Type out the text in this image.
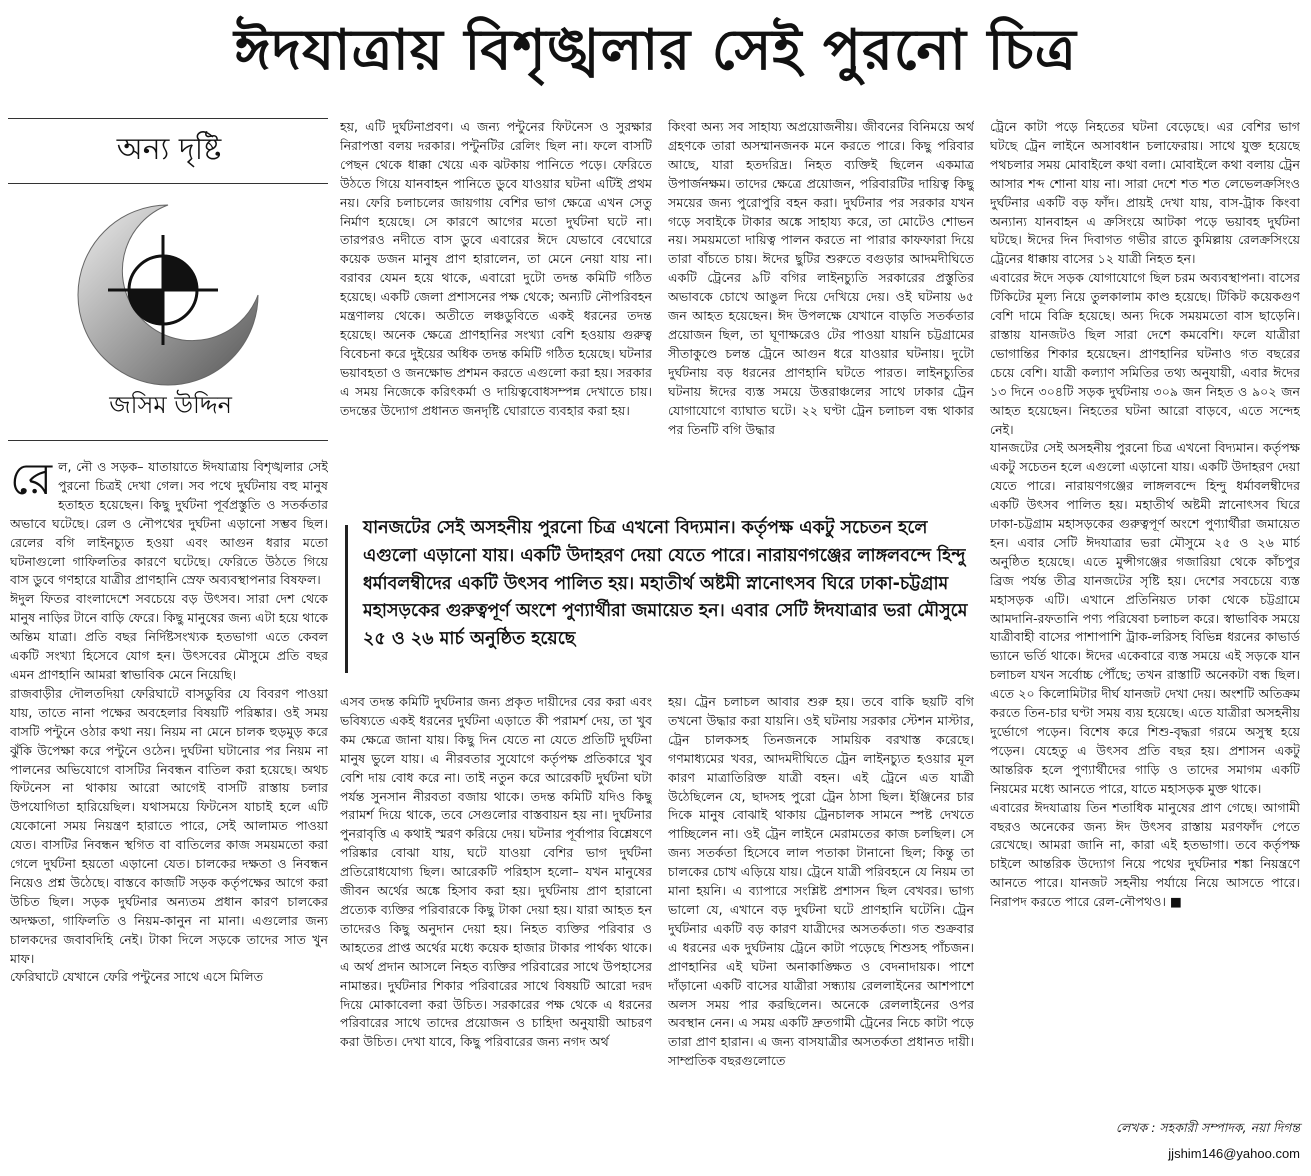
ঈদযাত্রায় বিশৃঙ্খলার সেই পুরনো চিত্র
অন্য দৃষ্টি
জসিম উদ্দিন
রে ল, নৌ ও সড়ক– যাতায়াতে ঈদযাত্রায় বিশৃঙ্খলার সেই পুরনো চিত্রই দেখা গেল। সব পথে দুর্ঘটনায় বহু মানুষ হতাহত হয়েছেন। কিছু দুর্ঘটনা পূর্বপ্রস্তুতি ও সতর্কতার অভাবে ঘটেছে। রেল ও নৌপথের দুর্ঘটনা এড়ানো সম্ভব ছিল। রেলের বগি লাইনচ্যুত হওয়া এবং আগুন ধরার মতো ঘটনাগুলো গাফিলতির কারণে ঘটেছে। ফেরিতে উঠতে গিয়ে বাস ডুবে গণহারে যাত্রীর প্রাণহানি স্রেফ অব্যবস্থাপনার বিষফল।

ঈদুল ফিতর বাংলাদেশে সবচেয়ে বড় উৎসব। সারা দেশ থেকে মানুষ নাড়ির টানে বাড়ি ফেরে। কিছু মানুষের জন্য এটা হয়ে থাকে অন্তিম যাত্রা। প্রতি বছর নির্দিষ্টসংখ্যক হতভাগা এতে কেবল একটি সংখ্যা হিসেবে যোগ হন। উৎসবের মৌসুমে প্রতি বছর এমন প্রাণহানি আমরা স্বাভাবিক মেনে নিয়েছি।

রাজবাড়ীর দৌলতদিয়া ফেরিঘাটে বাসডুবির যে বিবরণ পাওয়া যায়, তাতে নানা পক্ষের অবহেলার বিষয়টি পরিষ্কার। ওই সময় বাসটি পন্টুনে ওঠার কথা নয়। নিয়ম না মেনে চালক হুড়মুড় করে ঝুঁকি উপেক্ষা করে পন্টুনে ওঠেন। দুর্ঘটনা ঘটানোর পর নিয়ম না পালনের অভিযোগে বাসটির নিবন্ধন বাতিল করা হয়েছে। অথচ ফিটনেস না থাকায় আরো আগেই বাসটি রাস্তায় চলার উপযোগিতা হারিয়েছিল। যথাসময়ে ফিটনেস যাচাই হলে এটি যেকোনো সময় নিয়ন্ত্রণ হারাতে পারে, সেই আলামত পাওয়া যেত। বাসটির নিবন্ধন স্থগিত বা বাতিলের কাজ সময়মতো করা গেলে দুর্ঘটনা হয়তো এড়ানো যেত। চালকের দক্ষতা ও নিবন্ধন নিয়েও প্রশ্ন উঠেছে। বাস্তবে কাজটি সড়ক কর্তৃপক্ষের আগে করা উচিত ছিল। সড়ক দুর্ঘটনার অন্যতম প্রধান কারণ চালকের অদক্ষতা, গাফিলতি ও নিয়ম-কানুন না মানা। এগুলোর জন্য চালকদের জবাবদিহি নেই। টাকা দিলে সড়কে তাদের সাত খুন মাফ।

ফেরিঘাটে যেখানে ফেরি পন্টুনের সাথে এসে মিলিত

হয়, এটি দুর্ঘটনাপ্রবণ। এ জন্য পন্টুনের ফিটনেস ও সুরক্ষার নিরাপত্তা বলয় দরকার। পন্টুনটির রেলিং ছিল না। ফলে বাসটি পেছন থেকে ধাক্কা খেয়ে এক ঝটকায় পানিতে পড়ে। ফেরিতে উঠতে গিয়ে যানবাহন পানিতে ডুবে যাওয়ার ঘটনা এটিই প্রথম নয়। ফেরি চলাচলের জায়গায় বেশির ভাগ ক্ষেত্রে এখন সেতু নির্মাণ হয়েছে। সে কারণে আগের মতো দুর্ঘটনা ঘটে না। তারপরও নদীতে বাস ডুবে এবারের ঈদে যেভাবে বেঘোরে কয়েক ডজন মানুষ প্রাণ হারালেন, তা মেনে নেয়া যায় না। বরাবর যেমন হয়ে থাকে, এবারো দুটো তদন্ত কমিটি গঠিত হয়েছে। একটি জেলা প্রশাসনের পক্ষ থেকে; অন্যটি নৌপরিবহন মন্ত্রণালয় থেকে। অতীতে লঞ্চডুবিতে একই ধরনের তদন্ত হয়েছে। অনেক ক্ষেত্রে প্রাণহানির সংখ্যা বেশি হওয়ায় গুরুত্ব বিবেচনা করে দুইয়ের অধিক তদন্ত কমিটি গঠিত হয়েছে। ঘটনার ভয়াবহতা ও জনক্ষোভ প্রশমন করতে এগুলো করা হয়। সরকার এ সময় নিজেকে করিৎকর্মা ও দায়িত্ববোধসম্পন্ন দেখাতে চায়। তদন্তের উদ্যোগ প্রধানত জনদৃষ্টি ঘোরাতে ব্যবহার করা হয়।

কিংবা অন্য সব সাহায্য অপ্রয়োজনীয়। জীবনের বিনিময়ে অর্থ গ্রহণকে তারা অসম্মানজনক মনে করতে পারে। কিছু পরিবার আছে, যারা হতদরিদ্র। নিহত ব্যক্তিই ছিলেন একমাত্র উপার্জনক্ষম। তাদের ক্ষেত্রে প্রয়োজন, পরিবারটির দায়িত্ব কিছু সময়ের জন্য পুরোপুরি বহন করা। দুর্ঘটনার পর সরকার যখন গড়ে সবাইকে টাকার অঙ্কে সাহায্য করে, তা মোটেও শোভন নয়। সময়মতো দায়িত্ব পালন করতে না পারার কাফফারা দিয়ে তারা বাঁচতে চায়। ঈদের ছুটির শুরুতে বগুড়ার আদমদীঘিতে একটি ট্রেনের ৯টি বগির লাইনচ্যুতি সরকারের প্রস্তুতির অভাবকে চোখে আঙুল দিয়ে দেখিয়ে দেয়। ওই ঘটনায় ৬৫ জন আহত হয়েছেন। ঈদ উপলক্ষে যেখানে বাড়তি সতর্কতার প্রয়োজন ছিল, তা ঘূণাক্ষরেও টের পাওয়া যায়নি চট্টগ্রামের সীতাকুণ্ডে চলন্ত ট্রেনে আগুন ধরে যাওয়ার ঘটনায়। দুটো দুর্ঘটনায় বড় ধরনের প্রাণহানি ঘটতে পারত। লাইনচ্যুতির ঘটনায় ঈদের ব্যস্ত সময়ে উত্তরাঞ্চলের সাথে ঢাকার ট্রেন যোগাযোগে ব্যাঘাত ঘটে। ২২ ঘণ্টা ট্রেন চলাচল বন্ধ থাকার পর তিনটি বগি উদ্ধার

যানজটের সেই অসহনীয় পুরনো চিত্র এখনো বিদ্যমান। কর্তৃপক্ষ একটু সচেতন হলে এগুলো এড়ানো যায়। একটি উদাহরণ দেয়া যেতে পারে। নারায়ণগঞ্জের লাঙ্গলবন্দে হিন্দু ধর্মাবলম্বীদের একটি উৎসব পালিত হয়। মহাতীর্থ অষ্টমী স্নানোৎসব ঘিরে ঢাকা-চট্টগ্রাম মহাসড়কের গুরুত্বপূর্ণ অংশে পুণ্যার্থীরা জমায়েত হন। এবার সেটি ঈদযাত্রার ভরা মৌসুমে ২৫ ও ২৬ মার্চ অনুষ্ঠিত হয়েছে

এসব তদন্ত কমিটি দুর্ঘটনার জন্য প্রকৃত দায়ীদের বের করা এবং ভবিষ্যতে একই ধরনের দুর্ঘটনা এড়াতে কী পরামর্শ দেয়, তা খুব কম ক্ষেত্রে জানা যায়। কিছু দিন যেতে না যেতে প্রতিটি দুর্ঘটনা মানুষ ভুলে যায়। এ নীরবতার সুযোগে কর্তৃপক্ষ প্রতিকারে খুব বেশি দায় বোধ করে না। তাই নতুন করে আরেকটি দুর্ঘটনা ঘটা পর্যন্ত সুনসান নীরবতা বজায় থাকে। তদন্ত কমিটি যদিও কিছু পরামর্শ দিয়ে থাকে, তবে সেগুলোর বাস্তবায়ন হয় না। দুর্ঘটনার পুনরাবৃত্তি এ কথাই স্মরণ করিয়ে দেয়। ঘটনার পূর্বাপার বিশ্লেষণে পরিষ্কার বোঝা যায়, ঘটে যাওয়া বেশির ভাগ দুর্ঘটনা প্রতিরোধযোগ্য ছিল। আরেকটি পরিহাস হলো– যখন মানুষের জীবন অর্থের অঙ্কে হিসাব করা হয়। দুর্ঘটনায় প্রাণ হারানো প্রত্যেক ব্যক্তির পরিবারকে কিছু টাকা দেয়া হয়। যারা আহত হন তাদেরও কিছু অনুদান দেয়া হয়। নিহত ব্যক্তির পরিবার ও আহতের প্রাপ্ত অর্থের মধ্যে কয়েক হাজার টাকার পার্থক্য থাকে। এ অর্থ প্রদান আসলে নিহত ব্যক্তির পরিবারের সাথে উপহাসের নামান্তর। দুর্ঘটনার শিকার পরিবারের সাথে বিষয়টি আরো দরদ দিয়ে মোকাবেলা করা উচিত। সরকারের পক্ষ থেকে এ ধরনের পরিবারের সাথে তাদের প্রয়োজন ও চাহিদা অনুযায়ী আচরণ করা উচিত। দেখা যাবে, কিছু পরিবারের জন্য নগদ অর্থ

হয়। ট্রেন চলাচল আবার শুরু হয়। তবে বাকি ছয়টি বগি তখনো উদ্ধার করা যায়নি। ওই ঘটনায় সরকার স্টেশন মাস্টার, ট্রেন চালকসহ তিনজনকে সাময়িক বরখাস্ত করেছে। গণমাধ্যমের খবর, আদমদীঘিতে ট্রেন লাইনচ্যুত হওয়ার মূল কারণ মাত্রাতিরিক্ত যাত্রী বহন। এই ট্রেনে এত যাত্রী উঠেছিলেন যে, ছাদসহ পুরো ট্রেন ঠাসা ছিল। ইঞ্জিনের চার দিকে মানুষ বোঝাই থাকায় ট্রেনচালক সামনে স্পষ্ট দেখতে পাচ্ছিলেন না। ওই ট্রেন লাইনে মেরামতের কাজ চলছিল। সে জন্য সতর্কতা হিসেবে লাল পতাকা টানানো ছিল; কিন্তু তা চালকের চোখ এড়িয়ে যায়। ট্রেনে যাত্রী পরিবহনে যে নিয়ম তা মানা হয়নি। এ ব্যাপারে সংশ্লিষ্ট প্রশাসন ছিল বেখবর। ভাগ্য ভালো যে, এখানে বড় দুর্ঘটনা ঘটে প্রাণহানি ঘটেনি। ট্রেন দুর্ঘটনার একটি বড় কারণ যাত্রীদের অসতর্কতা। গত শুক্রবার এ ধরনের এক দুর্ঘটনায় ট্রেনে কাটা পড়েছে শিশুসহ পাঁচজন। প্রাণহানির এই ঘটনা অনাকাঙ্ক্ষিত ও বেদনাদায়ক। পাশে দাঁড়ানো একটি বাসের যাত্রীরা সন্ধ্যায় রেললাইনের আশপাশে অলস সময় পার করছিলেন। অনেকে রেললাইনের ওপর অবস্থান নেন। এ সময় একটি দ্রুতগামী ট্রেনের নিচে কাটা পড়ে তারা প্রাণ হারান। এ জন্য বাসযাত্রীর অসতর্কতা প্রধানত দায়ী। সাম্প্রতিক বছরগুলোতে

ট্রেনে কাটা পড়ে নিহতের ঘটনা বেড়েছে। এর বেশির ভাগ ঘটছে ট্রেন লাইনে অসাবধান চলাফেরায়। সাথে যুক্ত হয়েছে পথচলার সময় মোবাইলে কথা বলা। মোবাইলে কথা বলায় ট্রেন আসার শব্দ শোনা যায় না। সারা দেশে শত শত লেভেলক্রসিংও দুর্ঘটনার একটি বড় ফাঁদ। প্রায়ই দেখা যায়, বাস-ট্রাক কিংবা অন্যান্য যানবাহন এ ক্রসিংয়ে আটকা পড়ে ভয়াবহ দুর্ঘটনা ঘটছে। ঈদের দিন দিবাগত গভীর রাতে কুমিল্লায় রেলক্রসিংয়ে ট্রেনের ধাক্কায় বাসের ১২ যাত্রী নিহত হন।

এবারের ঈদে সড়ক যোগাযোগে ছিল চরম অব্যবস্থাপনা। বাসের টিকিটের মূল্য নিয়ে তুলকালাম কাণ্ড হয়েছে। টিকিট কয়েকগুণ বেশি দামে বিক্রি হয়েছে। অন্য দিকে সময়মতো বাস ছাড়েনি। রাস্তায় যানজটও ছিল সারা দেশে কমবেশি। ফলে যাত্রীরা ভোগান্তির শিকার হয়েছেন। প্রাণহানির ঘটনাও গত বছরের চেয়ে বেশি। যাত্রী কল্যাণ সমিতির তথ্য অনুযায়ী, এবার ঈদের ১৩ দিনে ৩০৪টি সড়ক দুর্ঘটনায় ৩০৯ জন নিহত ও ৯০২ জন আহত হয়েছেন। নিহতের ঘটনা আরো বাড়বে, এতে সন্দেহ নেই।

যানজটের সেই অসহনীয় পুরনো চিত্র এখনো বিদ্যমান। কর্তৃপক্ষ একটু সচেতন হলে এগুলো এড়ানো যায়। একটি উদাহরণ দেয়া যেতে পারে। নারায়ণগঞ্জের লাঙ্গলবন্দে হিন্দু ধর্মাবলম্বীদের একটি উৎসব পালিত হয়। মহাতীর্থ অষ্টমী স্নানোৎসব ঘিরে ঢাকা-চট্টগ্রাম মহাসড়কের গুরুত্বপূর্ণ অংশে পুণ্যার্থীরা জমায়েত হন। এবার সেটি ঈদযাত্রার ভরা মৌসুমে ২৫ ও ২৬ মার্চ অনুষ্ঠিত হয়েছে। এতে মুন্সীগঞ্জের গজারিয়া থেকে কাঁচপুর ব্রিজ পর্যন্ত তীব্র যানজটের সৃষ্টি হয়। দেশের সবচেয়ে ব্যস্ত মহাসড়ক এটি। এখানে প্রতিনিয়ত ঢাকা থেকে চট্টগ্রামে আমদানি-রফতানি পণ্য পরিষেবা চলাচল করে। স্বাভাবিক সময়ে যাত্রীবাহী বাসের পাশাপাশি ট্রাক-লরিসহ বিভিন্ন ধরনের কাভার্ড ভ্যানে ভর্তি থাকে। ঈদের একেবারে ব্যস্ত সময়ে এই সড়কে যান চলাচল যখন সর্বোচ্চ পৌঁছে; তখন রাস্তাটি অনেকটা বন্ধ ছিল। এতে ২০ কিলোমিটার দীর্ঘ যানজট দেখা দেয়। অংশটি অতিক্রম করতে তিন-চার ঘণ্টা সময় ব্যয় হয়েছে। এতে যাত্রীরা অসহনীয় দুর্ভোগে পড়েন। বিশেষ করে শিশু-বৃদ্ধরা গরমে অসুস্থ হয়ে পড়েন। যেহেতু এ উৎসব প্রতি বছর হয়। প্রশাসন একটু আন্তরিক হলে পুণ্যার্থীদের গাড়ি ও তাদের সমাগম একটি নিয়মের মধ্যে আনতে পারে, যাতে মহাসড়ক মুক্ত থাকে।

এবারের ঈদযাত্রায় তিন শতাধিক মানুষের প্রাণ গেছে। আগামী বছরও অনেকের জন্য ঈদ উৎসব রাস্তায় মরণফাঁদ পেতে রেখেছে। আমরা জানি না, কারা এই হতভাগা। তবে কর্তৃপক্ষ চাইলে আন্তরিক উদ্যোগ নিয়ে পথের দুর্ঘটনার শঙ্কা নিয়ন্ত্রণে আনতে পারে। যানজট সহনীয় পর্যায়ে নিয়ে আসতে পারে। নিরাপদ করতে পারে রেল-নৌপথও। ■

লেখক : সহকারী সম্পাদক, নয়া দিগন্ত
jjshim146@yahoo.com
